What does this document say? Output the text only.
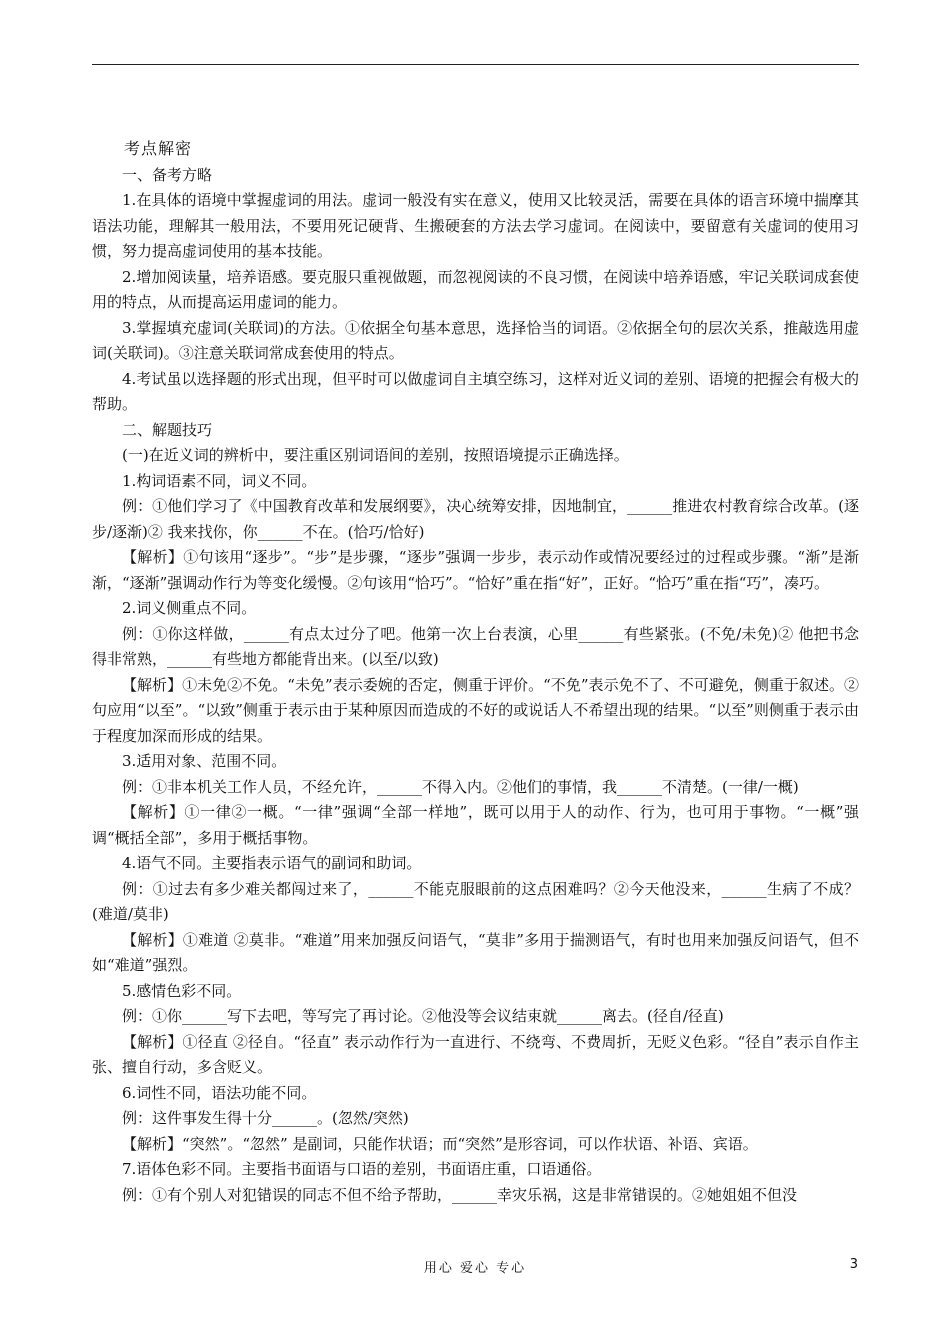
考点解密

一、备考方略

1.在具体的语境中掌握虚词的用法。虚词一般没有实在意义，使用又比较灵活，需要在具体的语言环境中揣摩其语法功能，理解其一般用法，不要用死记硬背、生搬硬套的方法去学习虚词。在阅读中，要留意有关虚词的使用习惯，努力提高虚词使用的基本技能。

2.增加阅读量，培养语感。要克服只重视做题，而忽视阅读的不良习惯，在阅读中培养语感，牢记关联词成套使用的特点，从而提高运用虚词的能力。

3.掌握填充虚词(关联词)的方法。①依据全句基本意思，选择恰当的词语。②依据全句的层次关系，推敲选用虚词(关联词)。③注意关联词常成套使用的特点。

4.考试虽以选择题的形式出现，但平时可以做虚词自主填空练习，这样对近义词的差别、语境的把握会有极大的帮助。

二、解题技巧

(一)在近义词的辨析中，要注重区别词语间的差别，按照语境提示正确选择。

1.构词语素不同，词义不同。

例：①他们学习了《中国教育改革和发展纲要》，决心统筹安排，因地制宜，______推进农村教育综合改革。(逐步/逐渐)② 我来找你，你______不在。(恰巧/恰好)

【解析】①句该用“逐步”。“步”是步骤，“逐步”强调一步步，表示动作或情况要经过的过程或步骤。“渐”是渐渐，“逐渐”强调动作行为等变化缓慢。②句该用“恰巧”。“恰好”重在指“好”，正好。“恰巧”重在指“巧”，凑巧。

2.词义侧重点不同。

例：①你这样做，______有点太过分了吧。他第一次上台表演，心里______有些紧张。(不免/未免)② 他把书念得非常熟，______有些地方都能背出来。(以至/以致)

【解析】①未免②不免。“未免”表示委婉的否定，侧重于评价。“不免”表示免不了、不可避免，侧重于叙述。②句应用“以至”。“以致”侧重于表示由于某种原因而造成的不好的或说话人不希望出现的结果。“以至”则侧重于表示由于程度加深而形成的结果。

3.适用对象、范围不同。

例：①非本机关工作人员，不经允许，______不得入内。②他们的事情，我______不清楚。(一律/一概)

【解析】①一律②一概。“一律”强调“全部一样地”，既可以用于人的动作、行为，也可用于事物。“一概”强调“概括全部”，多用于概括事物。

4.语气不同。主要指表示语气的副词和助词。

例：①过去有多少难关都闯过来了，______不能克服眼前的这点困难吗？②今天他没来，______生病了不成？(难道/莫非)

【解析】①难道 ②莫非。“难道”用来加强反问语气，“莫非”多用于揣测语气，有时也用来加强反问语气，但不如“难道”强烈。

5.感情色彩不同。

例：①你______写下去吧，等写完了再讨论。②他没等会议结束就______离去。(径自/径直)

【解析】①径直 ②径自。“径直” 表示动作行为一直进行、不绕弯、不费周折，无贬义色彩。“径自”表示自作主张、擅自行动，多含贬义。

6.词性不同，语法功能不同。

例：这件事发生得十分______。(忽然/突然)

【解析】“突然”。“忽然” 是副词，只能作状语；而“突然”是形容词，可以作状语、补语、宾语。

7.语体色彩不同。主要指书面语与口语的差别，书面语庄重，口语通俗。

例：①有个别人对犯错误的同志不但不给予帮助，______幸灾乐祸，这是非常错误的。②她姐姐不但没

用心 爱心 专心	3
